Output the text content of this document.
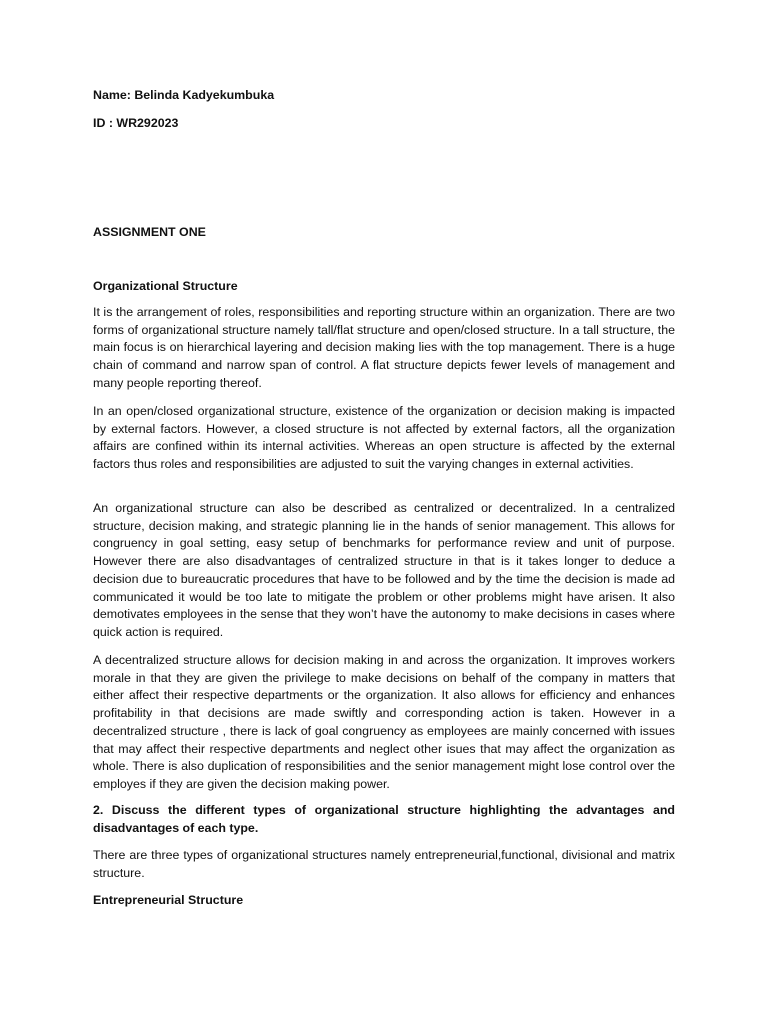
Name: Belinda Kadyekumbuka
ID : WR292023
ASSIGNMENT ONE
Organizational Structure

It is the arrangement of roles, responsibilities and reporting structure within an organization. There are two forms of organizational structure namely tall/flat structure and open/closed structure. In a tall structure, the main focus is on hierarchical layering and decision making lies with the top management. There is a huge chain of command and narrow span of control. A flat structure depicts fewer levels of management and many people reporting thereof.

In an open/closed organizational structure, existence of the organization or decision making is impacted by external factors. However, a closed structure is not affected by external factors, all the organization affairs are confined within its internal activities. Whereas an open structure is affected by the external factors thus roles and responsibilities are adjusted to suit the varying changes in external activities.

An organizational structure can also be described as centralized or decentralized. In a centralized structure, decision making, and strategic planning lie in the hands of senior management. This allows for congruency in goal setting, easy setup of benchmarks for performance review and unit of purpose. However there are also disadvantages of centralized structure in that is it takes longer to deduce a decision due to bureaucratic procedures that have to be followed and by the time the decision is made ad communicated it would be too late to mitigate the problem or other problems might have arisen. It also demotivates employees in the sense that they won’t have the autonomy to make decisions in cases where quick action is required.

A decentralized structure allows for decision making in and across the organization. It improves workers morale in that they are given the privilege to make decisions on behalf of the company in matters that either affect their respective departments or the organization. It also allows for efficiency and enhances profitability in that decisions are made swiftly and corresponding action is taken. However in a decentralized structure , there is lack of goal congruency as employees are mainly concerned with issues that may affect their respective departments and neglect other isues that may affect the organization as whole. There is also duplication of responsibilities and the senior management might lose control over the employes if they are given the decision making power.

2. Discuss the different types of organizational structure highlighting the advantages and disadvantages of each type.

There are three types of organizational structures namely entrepreneurial,functional, divisional and matrix structure.

Entrepreneurial Structure
